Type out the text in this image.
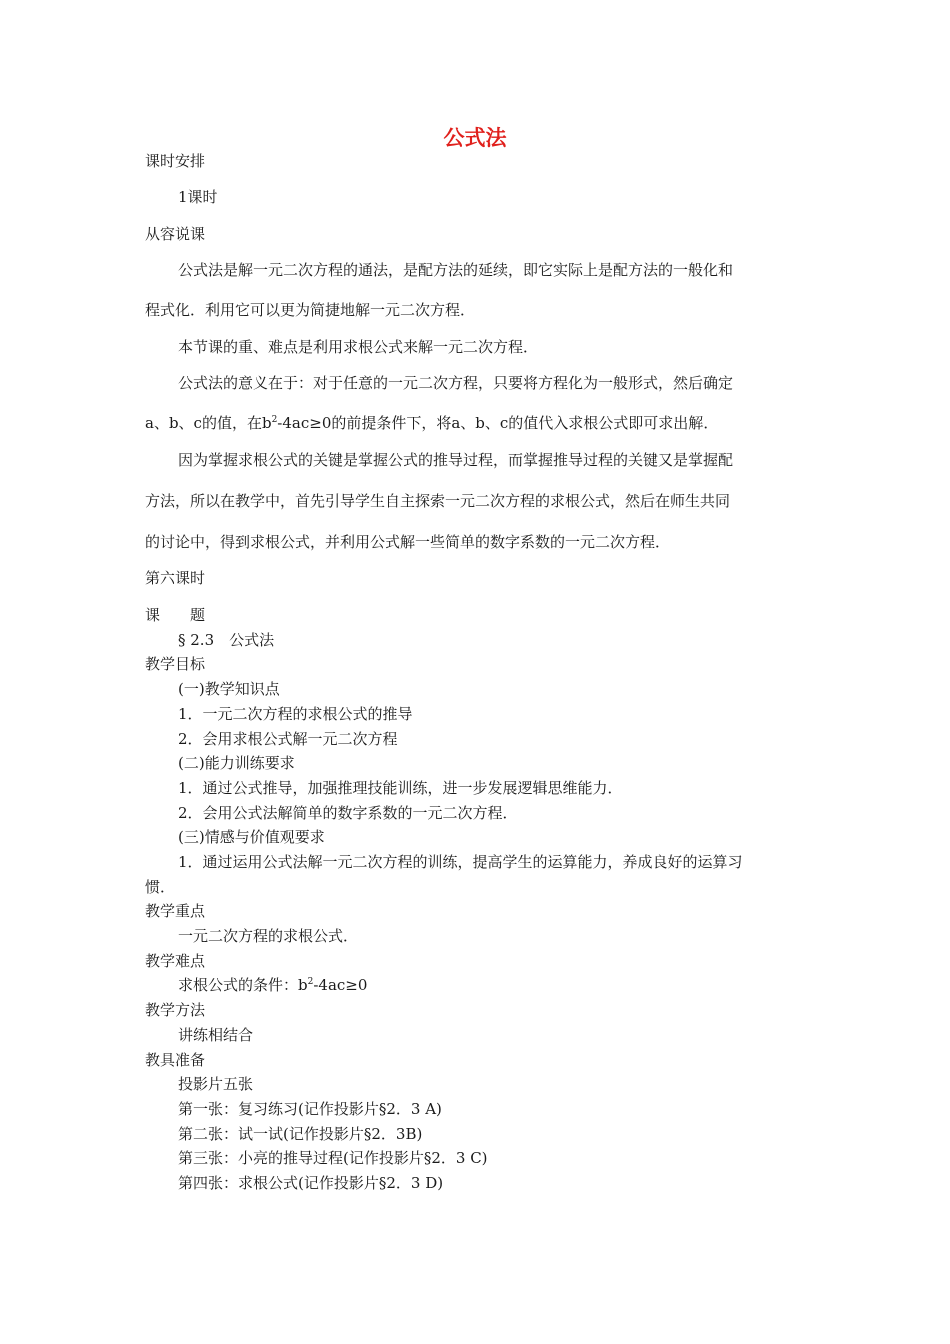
公式法
课时安排
1课时
从容说课
公式法是解一元二次方程的通法，是配方法的延续，即它实际上是配方法的一般化和
程式化．利用它可以更为简捷地解一元二次方程．
本节课的重、难点是利用求根公式来解一元二次方程．
公式法的意义在于：对于任意的一元二次方程，只要将方程化为一般形式，然后确定
a、b、c的值，在$b^2-4ac\ge 0$的前提条件下，将a、b、c的值代入求根公式即可求出解．
因为掌握求根公式的关键是掌握公式的推导过程，而掌握推导过程的关键又是掌握配
方法，所以在教学中，首先引导学生自主探索一元二次方程的求根公式，然后在师生共同
的讨论中，得到求根公式，并利用公式解一些简单的数字系数的一元二次方程．
第六课时
课　　题
§ 2.3　公式法
教学目标
(一)教学知识点
1．一元二次方程的求根公式的推导
2．会用求根公式解一元二次方程
(二)能力训练要求
1．通过公式推导，加强推理技能训练，进一步发展逻辑思维能力．
2．会用公式法解简单的数字系数的一元二次方程．
(三)情感与价值观要求
1．通过运用公式法解一元二次方程的训练，提高学生的运算能力，养成良好的运算习
惯．
教学重点
一元二次方程的求根公式．
教学难点
求根公式的条件：$b^2-4ac\ge 0$
教学方法
讲练相结合
教具准备
投影片五张
第一张：复习练习(记作投影片§2．3 A)
第二张：试一试(记作投影片§2．3B)
第三张：小亮的推导过程(记作投影片§2．3 C)
第四张：求根公式(记作投影片§2．3 D)
